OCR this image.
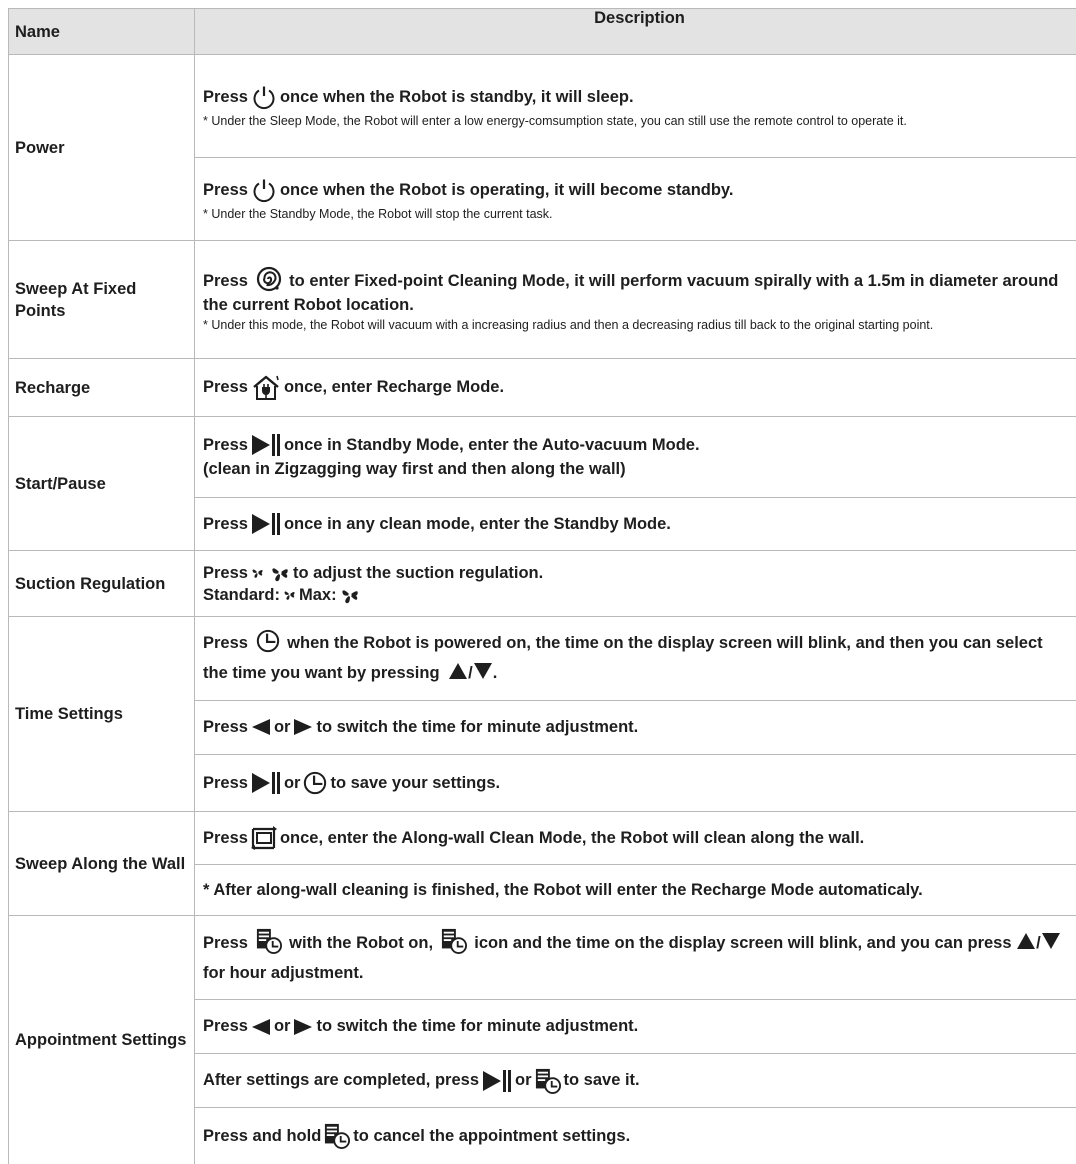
Name
Description
Power
Press once when the Robot is standby, it will sleep.
* Under the Sleep Mode, the Robot will enter a low energy-comsumption state, you can still use the remote control to operate it.
Press once when the Robot is operating, it will become standby.
* Under the Standby Mode, the Robot will stop the current task.
Sweep At Fixed Points
Press to enter Fixed-point Cleaning Mode, it will perform vacuum spirally with a 1.5m in diameter around the current Robot location.
* Under this mode, the Robot will vacuum with a increasing radius and then a decreasing radius till back to the original starting point.
Recharge	Press once, enter Recharge Mode.
Start/Pause
Press once in Standby Mode, enter the Auto-vacuum Mode.
(clean in Zigzagging way first and then along the wall)
Press once in any clean mode, enter the Standby Mode.
Suction Regulation
Press	to adjust the suction regulation.
Standard: Max:
Time Settings
Press when the Robot is powered on, the time on the display screen will blink, and then you can select the time you want by pressing / .
Press or to switch the time for minute adjustment.
Press or to save your settings.
Sweep Along the Wall
Press once, enter the Along-wall Clean Mode, the Robot will clean along the wall.
* After along-wall cleaning is finished, the Robot will enter the Recharge Mode automaticaly.
Appointment Settings
Press with the Robot on, icon and the time on the display screen will blink, and you can press /
for hour adjustment.
Press or to switch the time for minute adjustment.
After settings are completed, press or to save it.
Press and hold to cancel the appointment settings.
